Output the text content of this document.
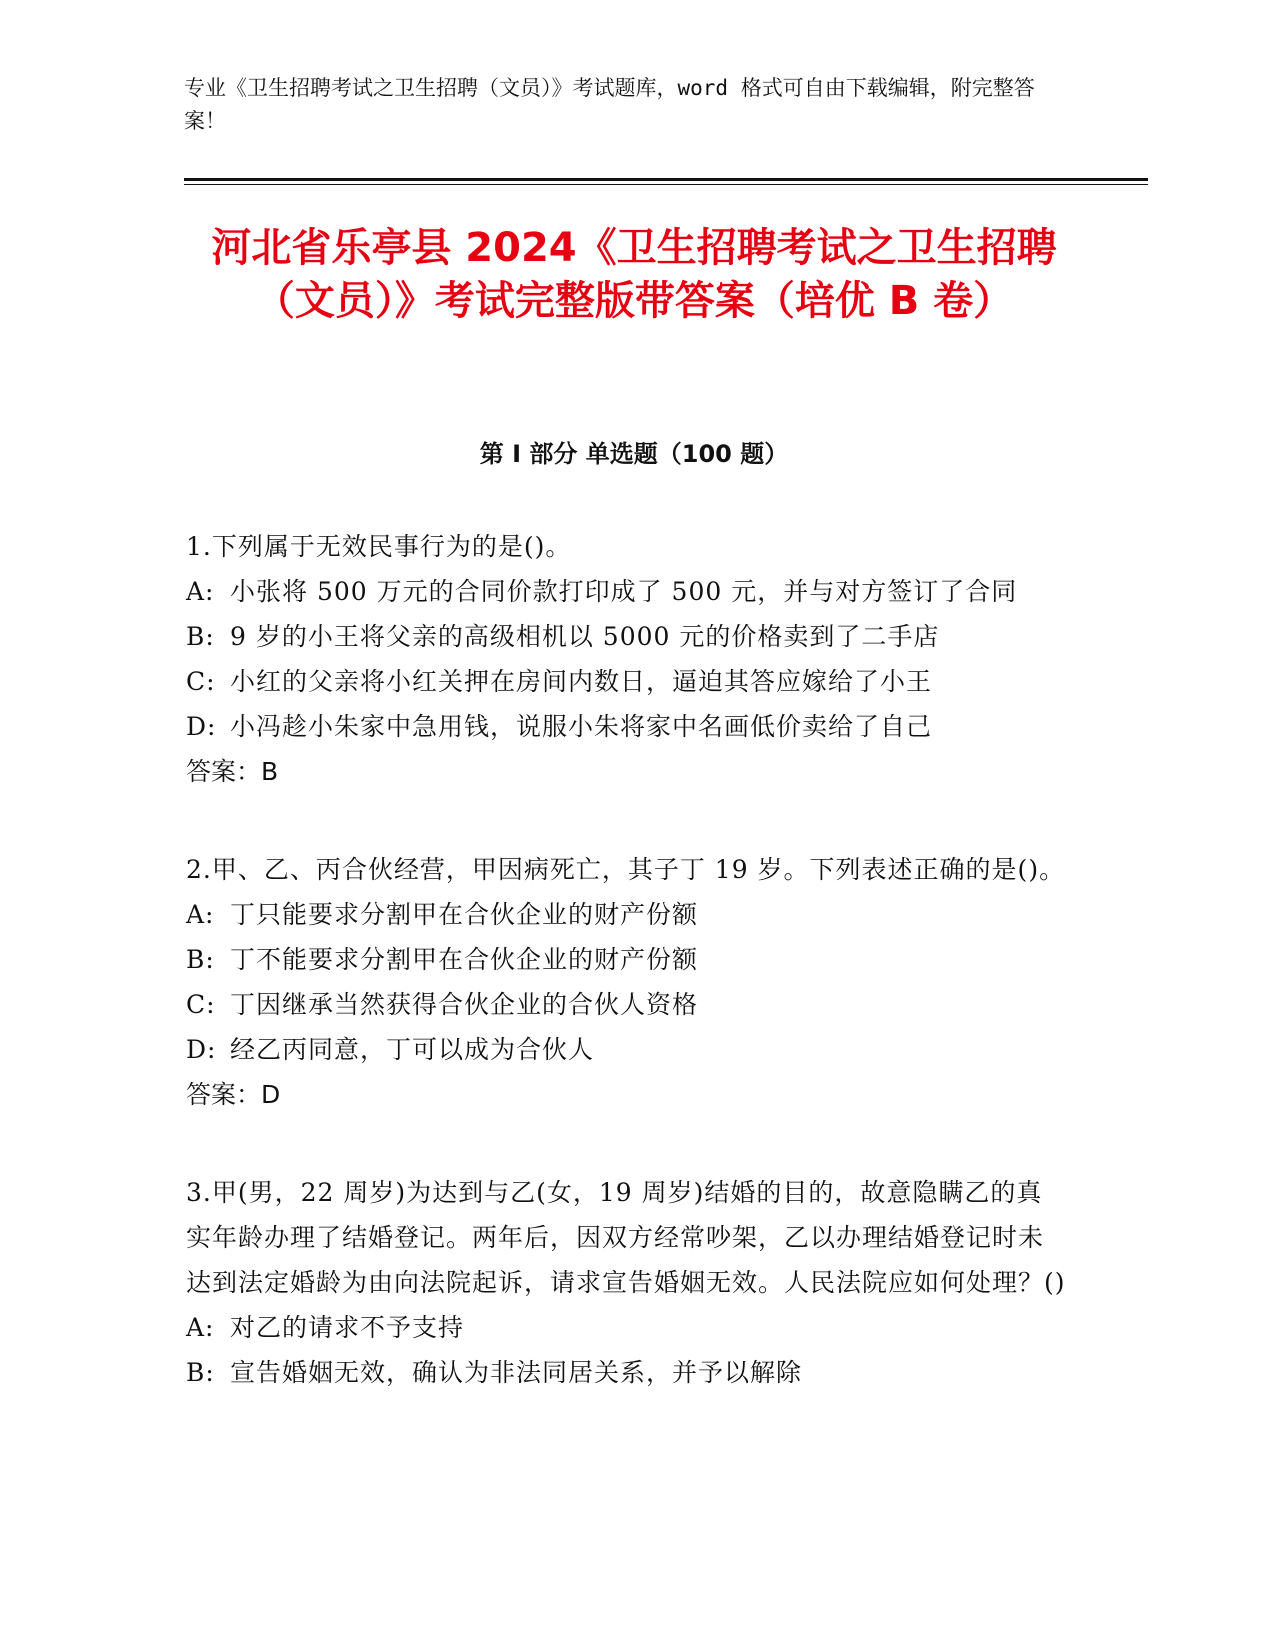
专业《卫生招聘考试之卫生招聘（文员）》考试题库，word 格式可自由下载编辑，附完整答案！
河北省乐亭县 2024《卫生招聘考试之卫生招聘（文员）》考试完整版带答案（培优 B 卷）
第 I 部分 单选题（100 题）
1.下列属于无效民事行为的是()。
A: 小张将 500 万元的合同价款打印成了 500 元，并与对方签订了合同
B: 9 岁的小王将父亲的高级相机以 5000 元的价格卖到了二手店
C: 小红的父亲将小红关押在房间内数日，逼迫其答应嫁给了小王
D: 小冯趁小朱家中急用钱，说服小朱将家中名画低价卖给了自己
答案：B
2.甲、乙、丙合伙经营，甲因病死亡，其子丁 19 岁。下列表述正确的是()。
A: 丁只能要求分割甲在合伙企业的财产份额
B: 丁不能要求分割甲在合伙企业的财产份额
C: 丁因继承当然获得合伙企业的合伙人资格
D: 经乙丙同意，丁可以成为合伙人
答案：D
3.甲(男，22 周岁)为达到与乙(女，19 周岁)结婚的目的，故意隐瞒乙的真实年龄办理了结婚登记。两年后，因双方经常吵架，乙以办理结婚登记时未达到法定婚龄为由向法院起诉，请求宣告婚姻无效。人民法院应如何处理？()
A: 对乙的请求不予支持
B: 宣告婚姻无效，确认为非法同居关系，并予以解除
